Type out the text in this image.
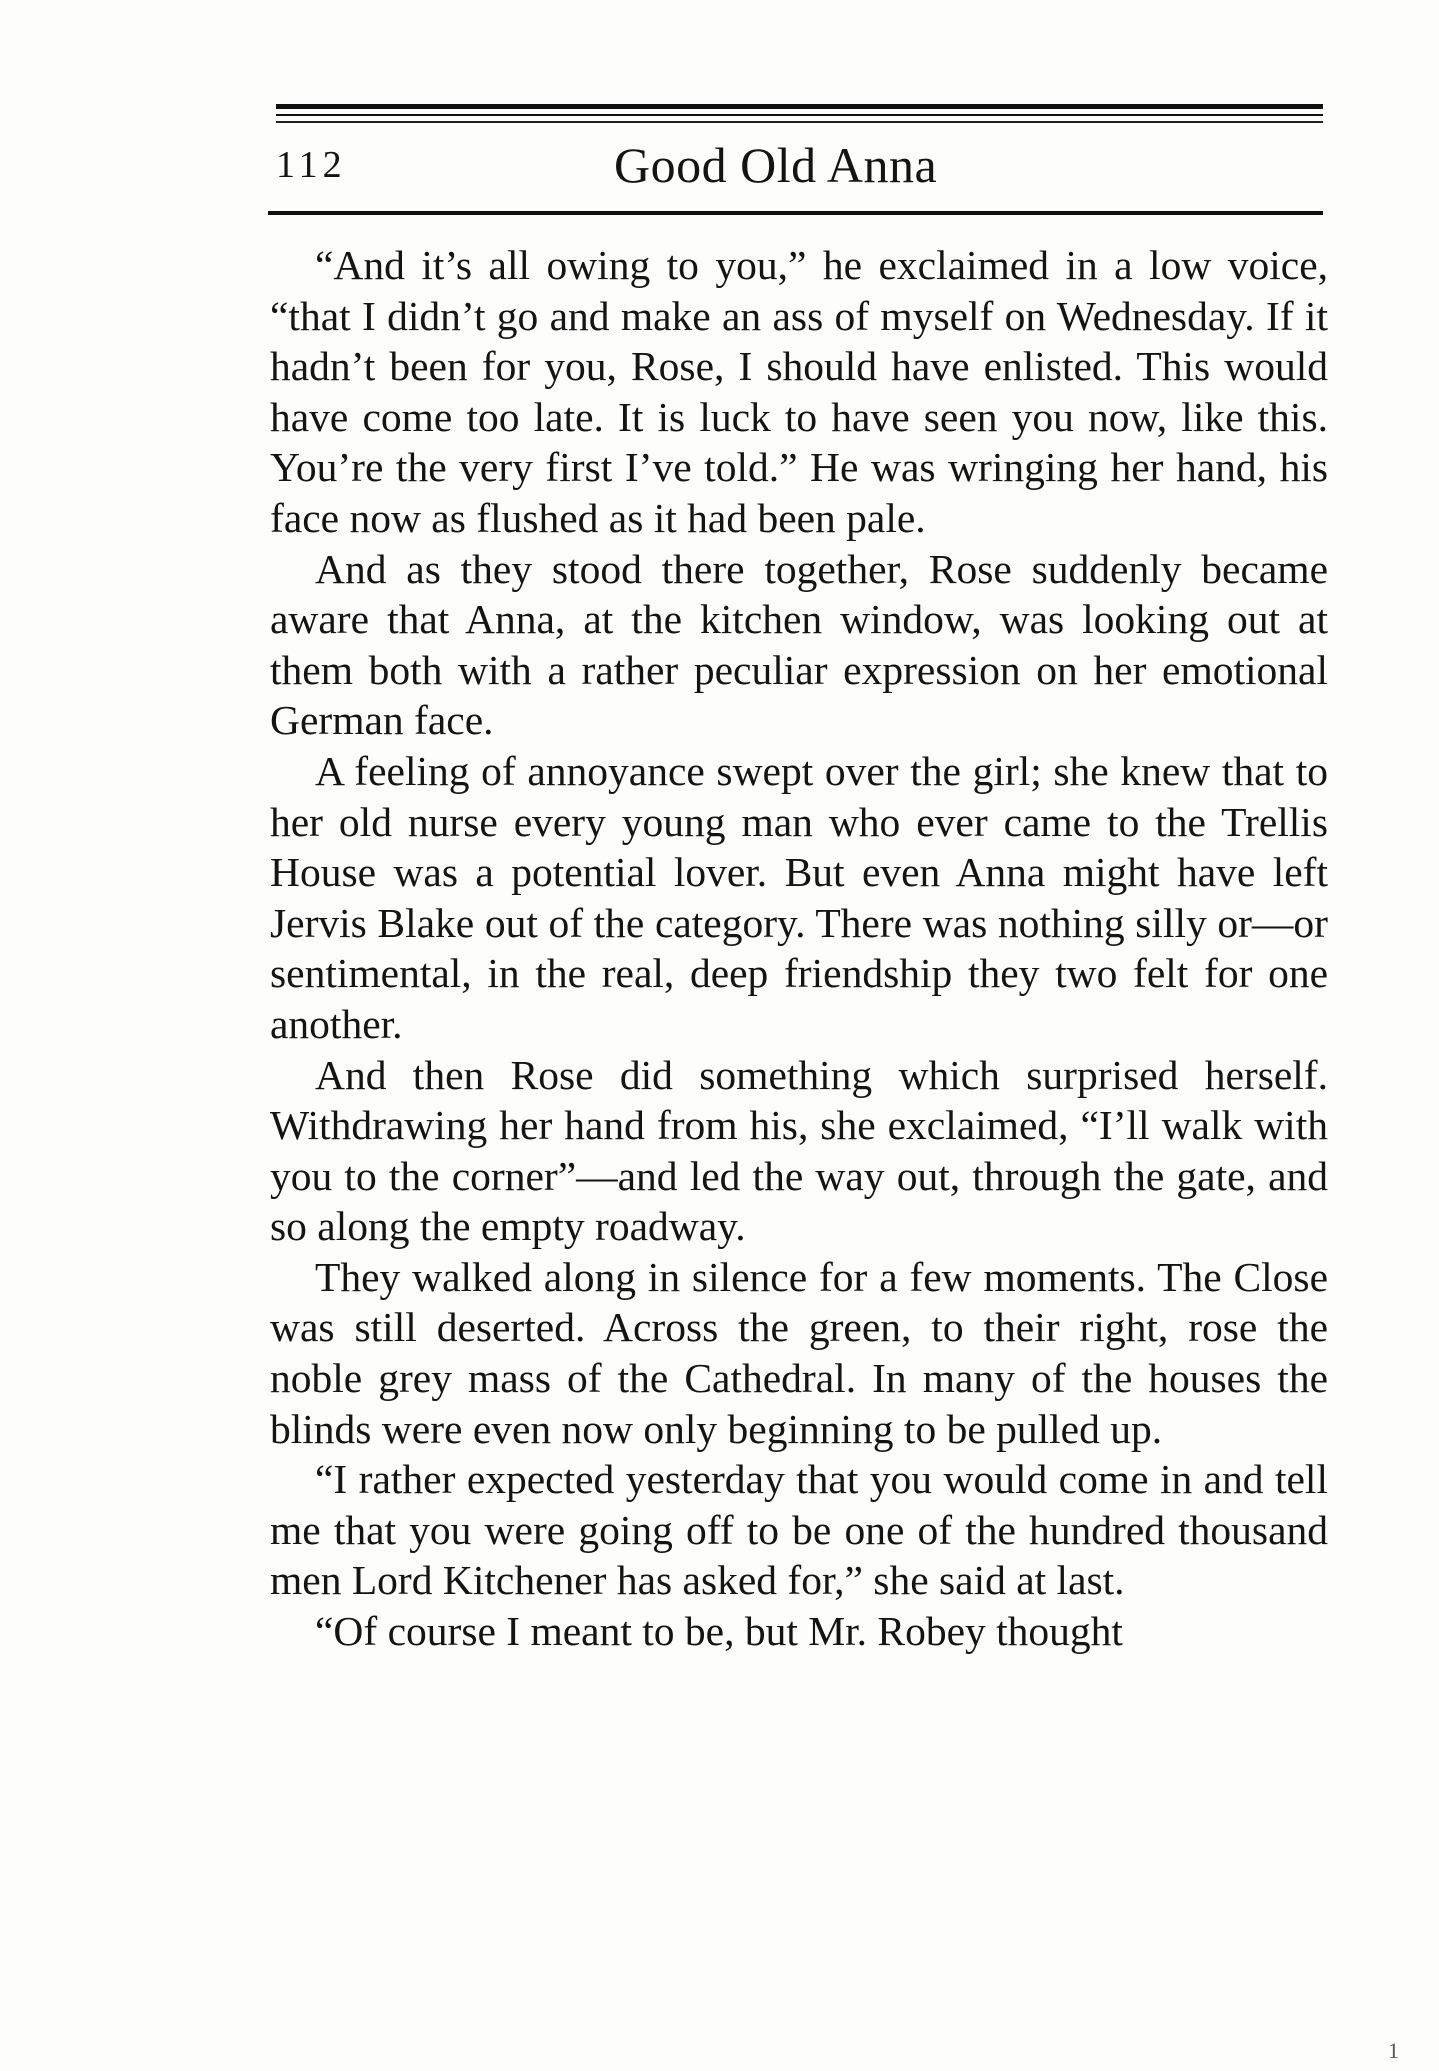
112	Good Old Anna

“And it’s all owing to you,” he exclaimed in a low voice, “that I didn’t go and make an ass of myself on Wednesday. If it hadn’t been for you, Rose, I should have enlisted. This would have come too late. It is luck to have seen you now, like this. You’re the very first I’ve told.” He was wringing her hand, his face now as flushed as it had been pale.

And as they stood there together, Rose suddenly became aware that Anna, at the kitchen window, was looking out at them both with a rather peculiar expression on her emotional German face.

A feeling of annoyance swept over the girl; she knew that to her old nurse every young man who ever came to the Trellis House was a potential lover. But even Anna might have left Jervis Blake out of the category. There was nothing silly or—or sentimental, in the real, deep friendship they two felt for one another.

And then Rose did something which surprised herself. Withdrawing her hand from his, she exclaimed, “I’ll walk with you to the corner”—and led the way out, through the gate, and so along the empty roadway.

They walked along in silence for a few moments. The Close was still deserted. Across the green, to their right, rose the noble grey mass of the Cathedral. In many of the houses the blinds were even now only beginning to be pulled up.

“I rather expected yesterday that you would come in and tell me that you were going off to be one of the hundred thousand men Lord Kitchener has asked for,” she said at last.

“Of course I meant to be, but Mr. Robey thought

1
